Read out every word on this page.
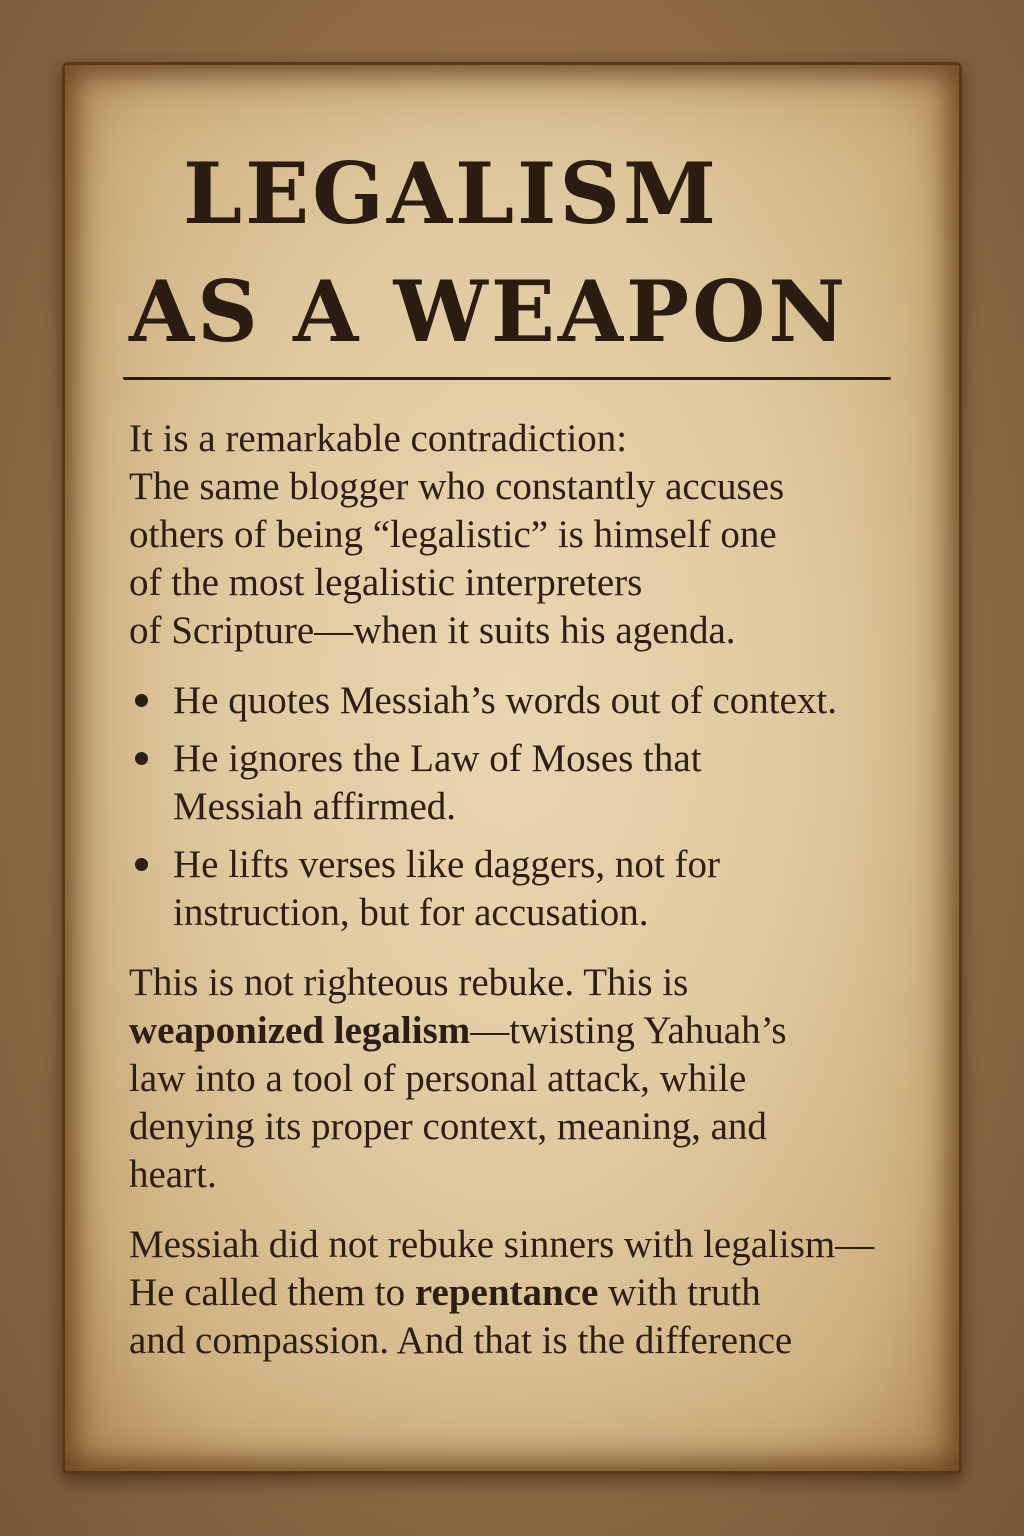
LEGALISM
AS A WEAPON

It is a remarkable contradiction:
The same blogger who constantly accuses
others of being “legalistic” is himself one
of the most legalistic interpreters
of Scripture—when it suits his agenda.

He quotes Messiah’s words out of context.
He ignores the Law of Moses that
Messiah affirmed.
He lifts verses like daggers, not for
instruction, but for accusation.

This is not righteous rebuke. This is
weaponized legalism—twisting Yahuah’s
law into a tool of personal attack, while
denying its proper context, meaning, and
heart.

Messiah did not rebuke sinners with legalism—
He called them to repentance with truth
and compassion. And that is the difference
